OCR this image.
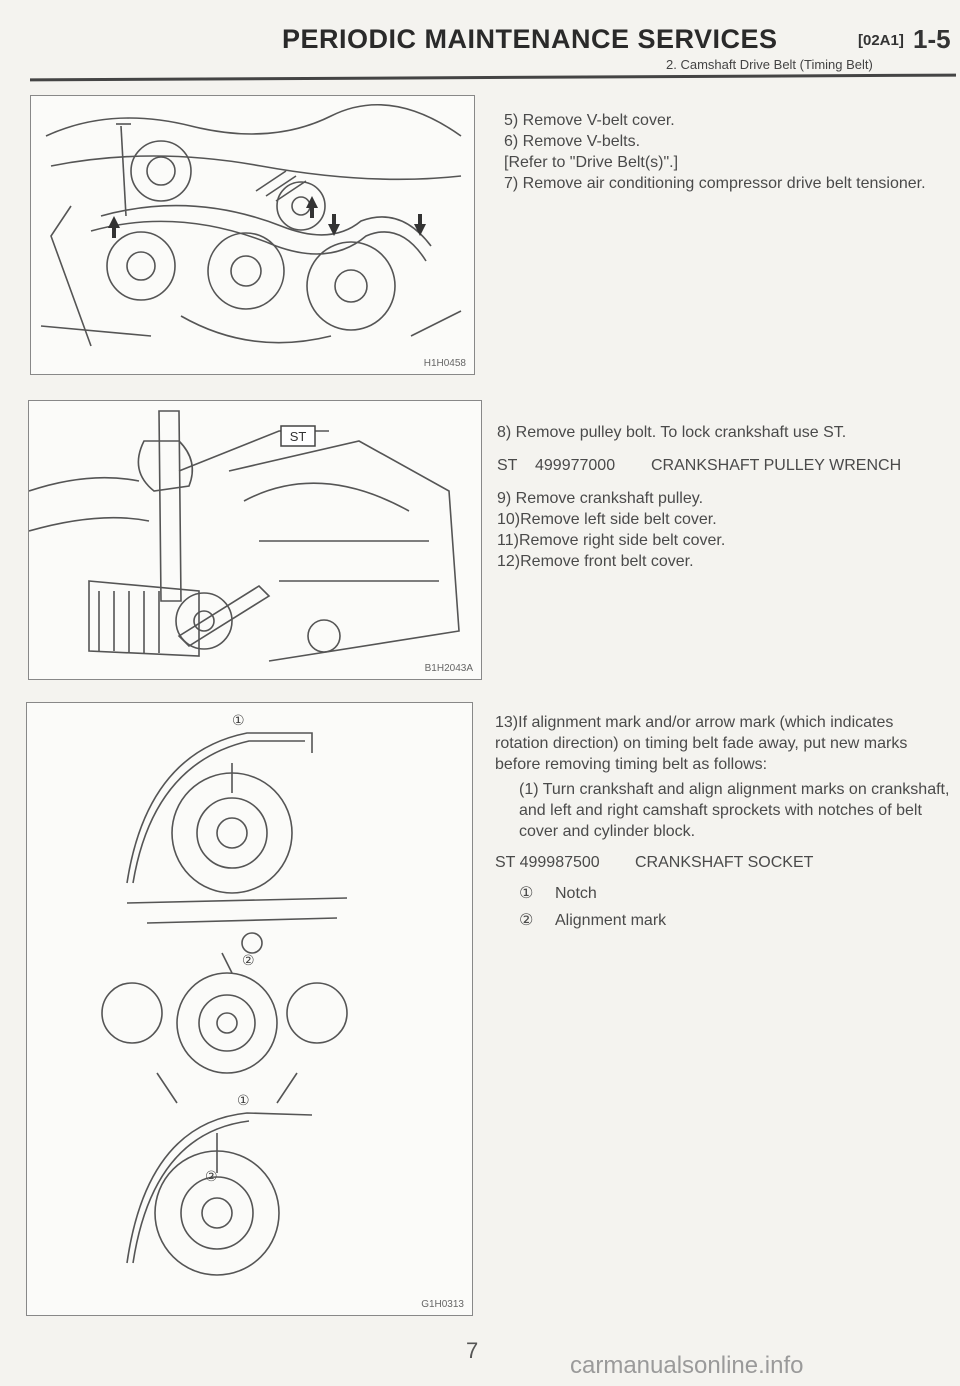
PERIODIC MAINTENANCE SERVICES	[02A1] 1-5
2. Camshaft Drive Belt (Timing Belt)
H1H0458
ST
B1H2043A
①
②
①
②
G1H0313

5) Remove V-belt cover.

6) Remove V-belts.

[Refer to "Drive Belt(s)".]

7) Remove air conditioning compressor drive belt tensioner.

8) Remove pulley bolt. To lock crankshaft use ST.

ST	499977000	CRANKSHAFT PULLEY WRENCH

9) Remove crankshaft pulley.

10)Remove left side belt cover.

11)Remove right side belt cover.

12)Remove front belt cover.

13)If alignment mark and/or arrow mark (which indicates rotation direction) on timing belt fade away, put new marks before removing timing belt as follows:

(1) Turn crankshaft and align alignment marks on crankshaft, and left and right camshaft sprockets with notches of belt cover and cylinder block.

ST 499987500	CRANKSHAFT SOCKET
①	Notch
②	Alignment mark
7
carmanualsonline.info
